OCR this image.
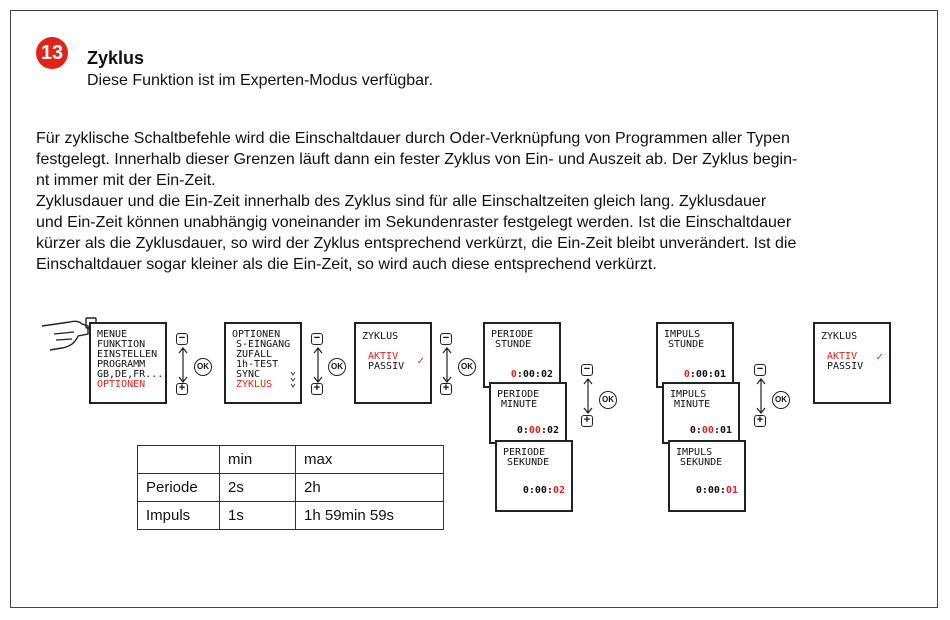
13 Zyklus
Diese Funktion ist im Experten-Modus verfügbar.
Für zyklische Schaltbefehle wird die Einschaltdauer durch Oder-Verknüpfung von Programmen aller Typen
festgelegt. Innerhalb dieser Grenzen läuft dann ein fester Zyklus von Ein- und Auszeit ab. Der Zyklus begin-
nt immer mit der Ein-Zeit.
Zyklusdauer und die Ein-Zeit innerhalb des Zyklus sind für alle Einschaltzeiten gleich lang. Zyklusdauer
und Ein-Zeit können unabhängig voneinander im Sekundenraster festgelegt werden. Ist die Einschaltdauer
kürzer als die Zyklusdauer, so wird der Zyklus entsprechend verkürzt, die Ein-Zeit bleibt unverändert. Ist die
Einschaltdauer sogar kleiner als die Ein-Zeit, so wird auch diese entsprechend verkürzt.
MENUE
FUNKTION
EINSTELLEN
PROGRAMM
GB,DE,FR....
OPTIONEN
−
+
OK
OPTIONEN
S-EINGANG
ZUFALL
1h-TEST
SYNC
ZYKLUS
−
+
OK
ZYKLUS
AKTIV
PASSIV ✓
−
+
OK
PERIODE
STUNDE
0:00:02
PERIODE
MINUTE
0:00:02
PERIODE
SEKUNDE
0:00:02
−
+
OK
IMPULS
STUNDE
0:00:01
IMPULS
MINUTE
0:00:01
IMPULS
SEKUNDE
0:00:01
−
+
OK
ZYKLUS
AKTIV
PASSIV
✓
	min	max
Periode	2s	2h
Impuls	1s	1h 59min 59s
